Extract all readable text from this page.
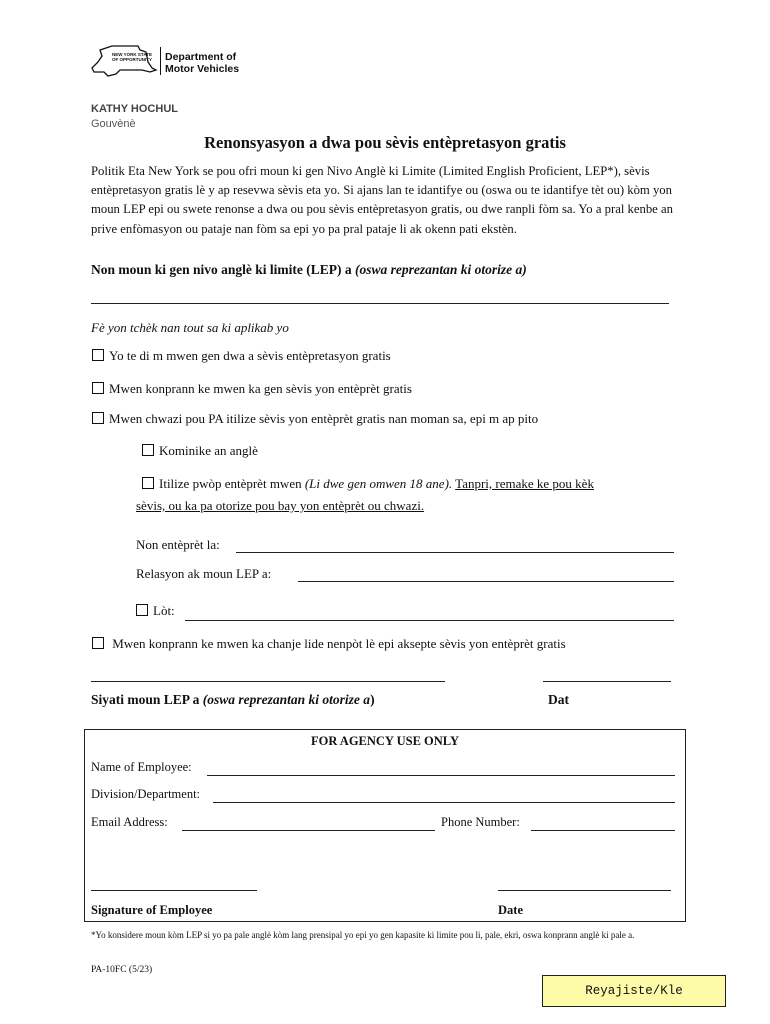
NEW YORK STATE OF OPPORTUNITY	Department of
Motor Vehicles
KATHY HOCHUL
Gouvènè
Renonsyasyon a dwa pou sèvis entèpretasyon gratis
Politik Eta New York se pou ofri moun ki gen Nivo Anglè ki Limite (Limited English Proficient, LEP*), sèvis entèpretasyon gratis lè y ap resevwa sèvis eta yo. Si ajans lan te idantifye ou (oswa ou te idantifye tèt ou) kòm yon moun LEP epi ou swete renonse a dwa ou pou sèvis entèpretasyon gratis, ou dwe ranpli fòm sa. Yo a pral kenbe an prive enfòmasyon ou pataje nan fòm sa epi yo pa pral pataje li ak okenn pati ekstèn.
Non moun ki gen nivo anglè ki limite (LEP) a (oswa reprezantan ki otorize a)
Fè yon tchèk nan tout sa ki aplikab yo
Yo te di m mwen gen dwa a sèvis entèpretasyon gratis
Mwen konprann ke mwen ka gen sèvis yon entèprèt gratis
Mwen chwazi pou PA itilize sèvis yon entèprèt gratis nan moman sa, epi m ap pito
Kominike an anglè
Itilize pwòp entèprèt mwen (Li dwe gen omwen 18 ane). Tanpri, remake ke pou kèk
sèvis, ou ka pa otorize pou bay yon entèprèt ou chwazi.
Non entèprèt la:
Relasyon ak moun LEP a:
Lòt:
Mwen konprann ke mwen ka chanje lide nenpòt lè epi aksepte sèvis yon entèprèt gratis
Siyati moun LEP a (oswa reprezantan ki otorize a)	Dat
FOR AGENCY USE ONLY
Name of Employee:
Division/Department:
Email Address:	Phone Number:
Signature of Employee	Date
*Yo konsidere moun kòm LEP si yo pa pale anglè kòm lang prensipal yo epi yo gen kapasite ki limite pou li, pale, ekri, oswa konprann anglè ki pale a.
PA-10FC (5/23)
Reyajiste/Kle
